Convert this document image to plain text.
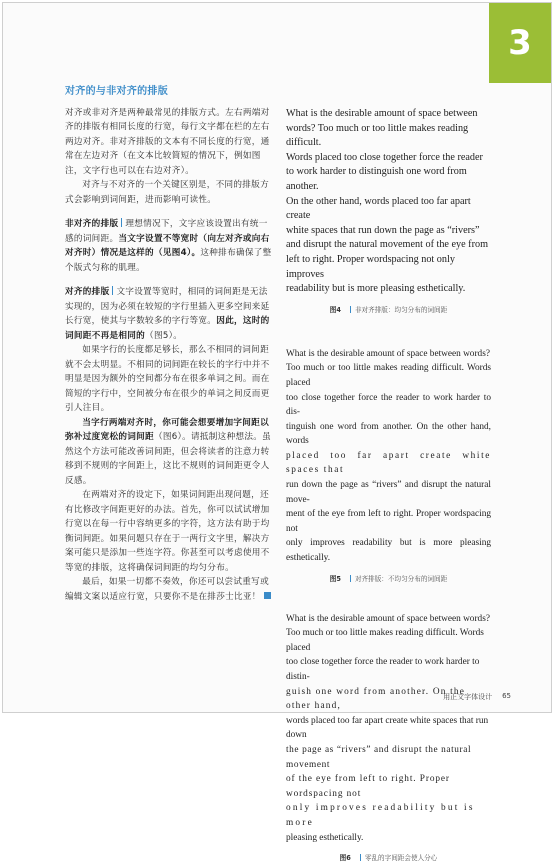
3
对齐的与非对齐的排版

对齐或非对齐是两种最常见的排版方式。左右两端对齐的排版有相同长度的行宽，每行文字都在栏的左右两边对齐。非对齐排版的文本有不同长度的行宽，通常在左边对齐（在文本比较简短的情况下，例如图注，文字行也可以在右边对齐）。

对齐与不对齐的一个关键区别是，不同的排版方式会影响到词间距，进而影响可读性。

非对齐的排版 理想情况下，文字应该设置出有统一感的词间距。当文字设置不等宽时（向左对齐或向右对齐时）情况是这样的（见图4）。这种排布确保了整个版式匀称的肌理。

对齐的排版 文字设置等宽时，相同的词间距是无法实现的，因为必须在较短的字行里插入更多空间来延长行宽，使其与字数较多的字行等宽。因此，这时的词间距不再是相同的（图5）。

如果字行的长度都足够长，那么不相同的词间距就不会太明显。不相同的词间距在较长的字行中并不明显是因为额外的空间都分布在很多单词之间。而在简短的字行中，空间被分布在很少的单词之间反而更引人注目。

当字行两端对齐时，你可能会想要增加字间距以弥补过度宽松的词间距（图6）。请抵制这种想法。虽然这个方法可能改善词间距，但会将读者的注意力转移到不规则的字间距上，这比不规则的词间距更令人反感。

在两端对齐的设定下，如果词间距出现问题，还有比修改字间距更好的办法。首先，你可以试试增加行宽以在每一行中容纳更多的字符，这方法有助于均衡词间距。如果问题只存在于一两行文字里，解决方案可能只是添加一些连字符。你甚至可以考虑使用不等宽的排版，这将确保词间距的均匀分布。

最后，如果一切都不奏效，你还可以尝试重写或编辑文案以适应行宽，只要你不是在排莎士比亚！

What is the desirable amount of space between

words? Too much or too little makes reading difficult.

Words placed too close together force the reader

to work harder to distinguish one word from another.

On the other hand, words placed too far apart create

white spaces that run down the page as “rivers”

and disrupt the natural movement of the eye from

left to right. Proper wordspacing not only improves

readability but is more pleasing esthetically.

图4 非对齐排版：均匀分布的词间距

What is the desirable amount of space between words?

Too much or too little makes reading difficult. Words placed

too close together force the reader to work harder to dis-

tinguish one word from another. On the other hand, words

placed too far apart create white spaces that

run down the page as “rivers” and disrupt the natural move-

ment of the eye from left to right. Proper wordspacing not

only improves readability but is more pleasing esthetically.

图5 对齐排版：不均匀分布的词间距

What is the desirable amount of space between words?

Too much or too little makes reading difficult. Words placed

too close together force the reader to work harder to distin-

guish one word from another. On the other hand,

words placed too far apart create white spaces that run down

the page as “rivers” and disrupt the natural movement

of the eye from left to right. Proper wordspacing not

only improves readability but is more

pleasing esthetically.

图6 零乱的字间距会使人分心
用正文字体设计 65
